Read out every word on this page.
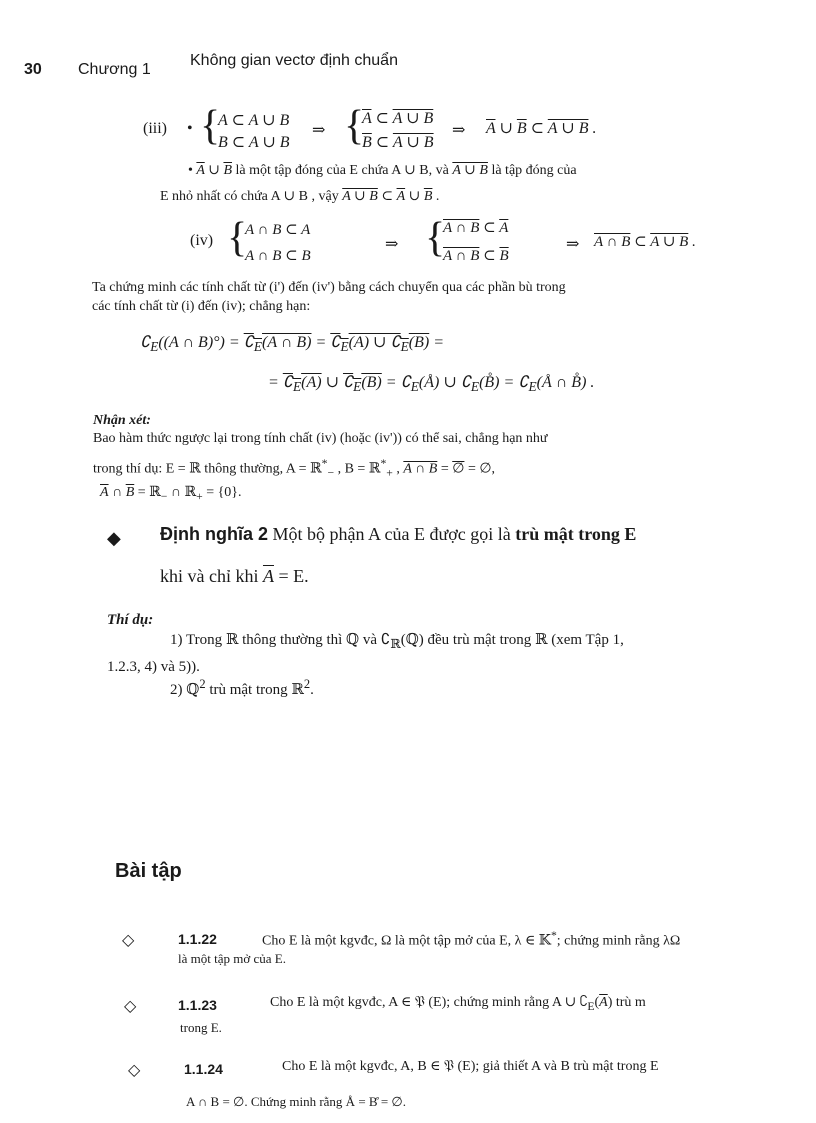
30 Chương 1
Không gian vectơ định chuẩn
(iii) • {
A ⊂ A ∪ B
B ⊂ A ∪ B
⇒ {
$\overline{A}$ ⊂ A ∪ B
$\overline{B}$ ⊂ A ∪ B
⇒ $\overline{A}$ ∪ $\overline{B}$ ⊂ A ∪ B .
• $\overline{A}$ ∪ $\overline{B}$ là một tập đóng của E chứa A ∪ B, và A ∪ B là tập đóng của
E nhỏ nhất có chứa A ∪ B , vậy A ∪ B ⊂ $\overline{A}$ ∪ $\overline{B}$ .
(iv) {
A ∩ B ⊂ A
A ∩ B ⊂ B
⇒ {
A ∩ B ⊂ $\overline{A}$
A ∩ B ⊂ $\overline{B}$
⇒ A ∩ B ⊂ A ∪ B .
Ta chứng minh các tính chất từ (i') đến (iv') bằng cách chuyển qua các phần bù trong
các tính chất từ (i) đến (iv); chẳng hạn:
$∁_E((A$ ∩ $B)^\circ) = ∁_E(A$ ∩ $B) = ∁_E(A)$ ∪ $∁_E(B)$ =
= $∁_E(A)$ ∪ $∁_E(B)$ = $∁_E(Å)$ ∪ $∁_E(B̊)$ = $∁_E(Å$ ∩ B̊) .
Nhận xét:
Bao hàm thức ngược lại trong tính chất (iv) (hoặc (iv')) có thể sai, chẳng hạn như
trong thí dụ: E = ℝ thông thường, A = ℝ*$_-$ , B = ℝ*$_+$ , A ∩ B = ∅ = ∅,
$\overline{A}$ ∩ $\overline{B}$ = ℝ$_-$ ∩ ℝ$_+$ = {0}.
◆ Định nghĩa 2 Một bộ phận A của E được gọi là trù mật trong E
khi và chỉ khi $\overline{A} = E$.
Thí dụ:
1) Trong ℝ thông thường thì ℚ và $∁_ℝ(ℚ)$ đều trù mật trong ℝ (xem Tập 1,
1.2.3, 4) và 5)).
2) ℚ$^2$ trù mật trong ℝ$^2$.
Bài tập
◇	1.1.22	Cho E là một kgvđc, Ω là một tập mở của E, λ ∈ 𝕂*; chứng minh rằng λΩ
là một tập mở của E.
◇	1.1.23	Cho E là một kgvđc, A ∈ 𝔓 (E); chứng minh rằng A ∪ $∁_E(\overline{A})$ trù m
trong E.
◇	1.1.24	Cho E là một kgvđc, A, B ∈ 𝔓 (E); giả thiết A và B trù mật trong E
A ∩ B = ∅. Chứng minh rằng Å = B̊ = ∅.
